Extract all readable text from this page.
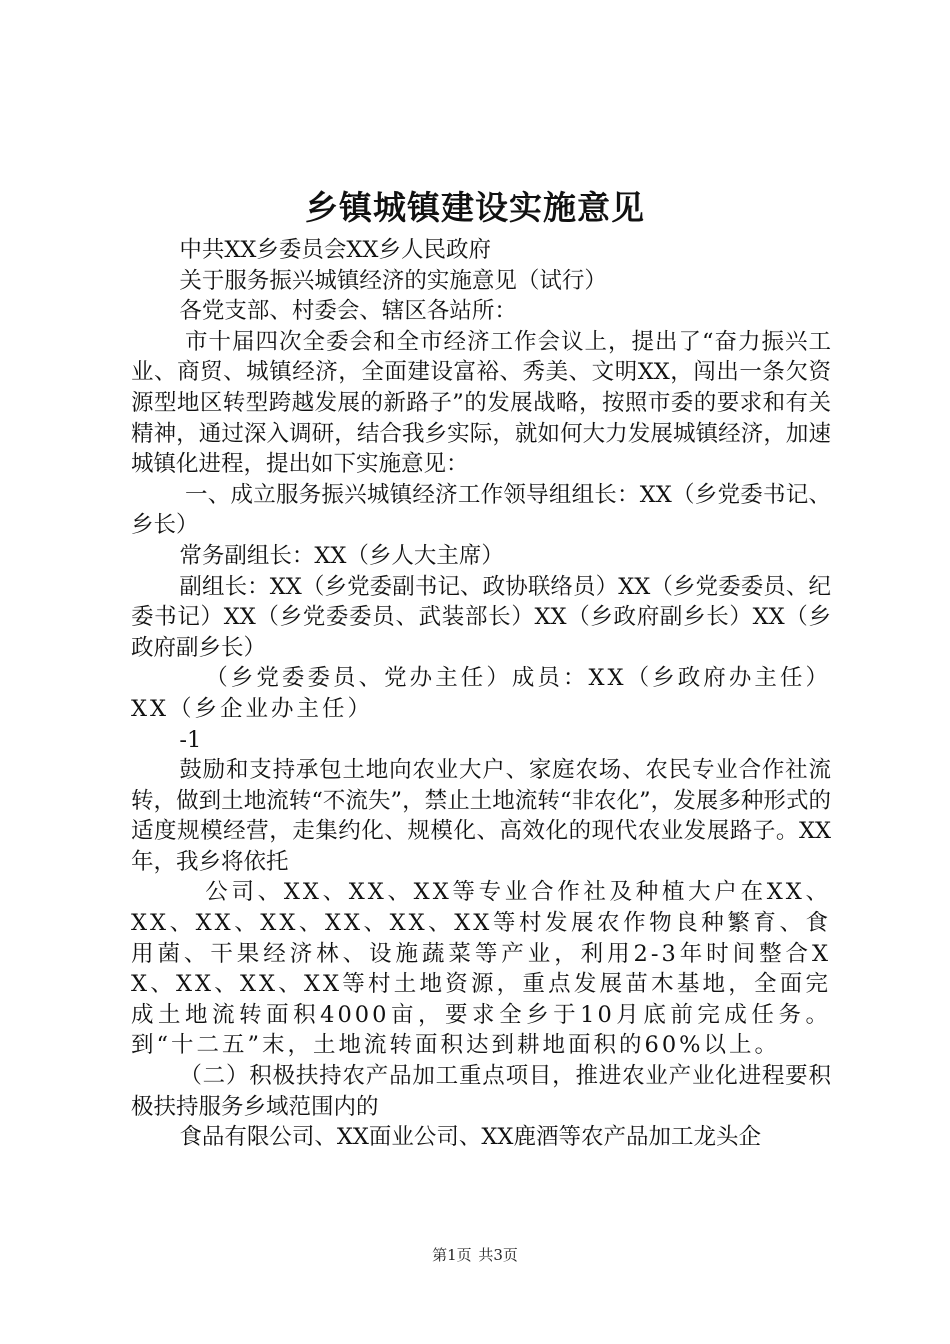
乡镇城镇建设实施意见

中共XX乡委员会XX乡人民政府

关于服务振兴城镇经济的实施意见（试行）

各党支部、村委会、辖区各站所：

市十届四次全委会和全市经济工作会议上，提出了“奋力振兴工业、商贸、城镇经济，全面建设富裕、秀美、文明XX，闯出一条欠资源型地区转型跨越发展的新路子”的发展战略，按照市委的要求和有关精神，通过深入调研，结合我乡实际，就如何大力发展城镇经济，加速城镇化进程，提出如下实施意见：

一、成立服务振兴城镇经济工作领导组组长：XX（乡党委书记、乡长）

常务副组长：XX（乡人大主席）

副组长：XX（乡党委副书记、政协联络员）XX（乡党委委员、纪委书记）XX（乡党委委员、武装部长）XX（乡政府副乡长）XX（乡政府副乡长）

（乡党委委员、党办主任）成员：XX（乡政府办主任）XX（乡企业办主任）

-1

鼓励和支持承包土地向农业大户、家庭农场、农民专业合作社流转，做到土地流转“不流失”，禁止土地流转“非农化”，发展多种形式的适度规模经营，走集约化、规模化、高效化的现代农业发展路子。XX年，我乡将依托

公司、XX、XX、XX等专业合作社及种植大户在XX、XX、XX、XX、XX、XX、XX等村发展农作物良种繁育、食用菌、干果经济林、设施蔬菜等产业，利用2-3年时间整合XX、XX、XX、XX等村土地资源，重点发展苗木基地，全面完成土地流转面积4000亩，要求全乡于10月底前完成任务。到“十二五”末，土地流转面积达到耕地面积的60%以上。

（二）积极扶持农产品加工重点项目，推进农业产业化进程要积极扶持服务乡域范围内的

食品有限公司、XX面业公司、XX鹿酒等农产品加工龙头企

第1页 共3页
